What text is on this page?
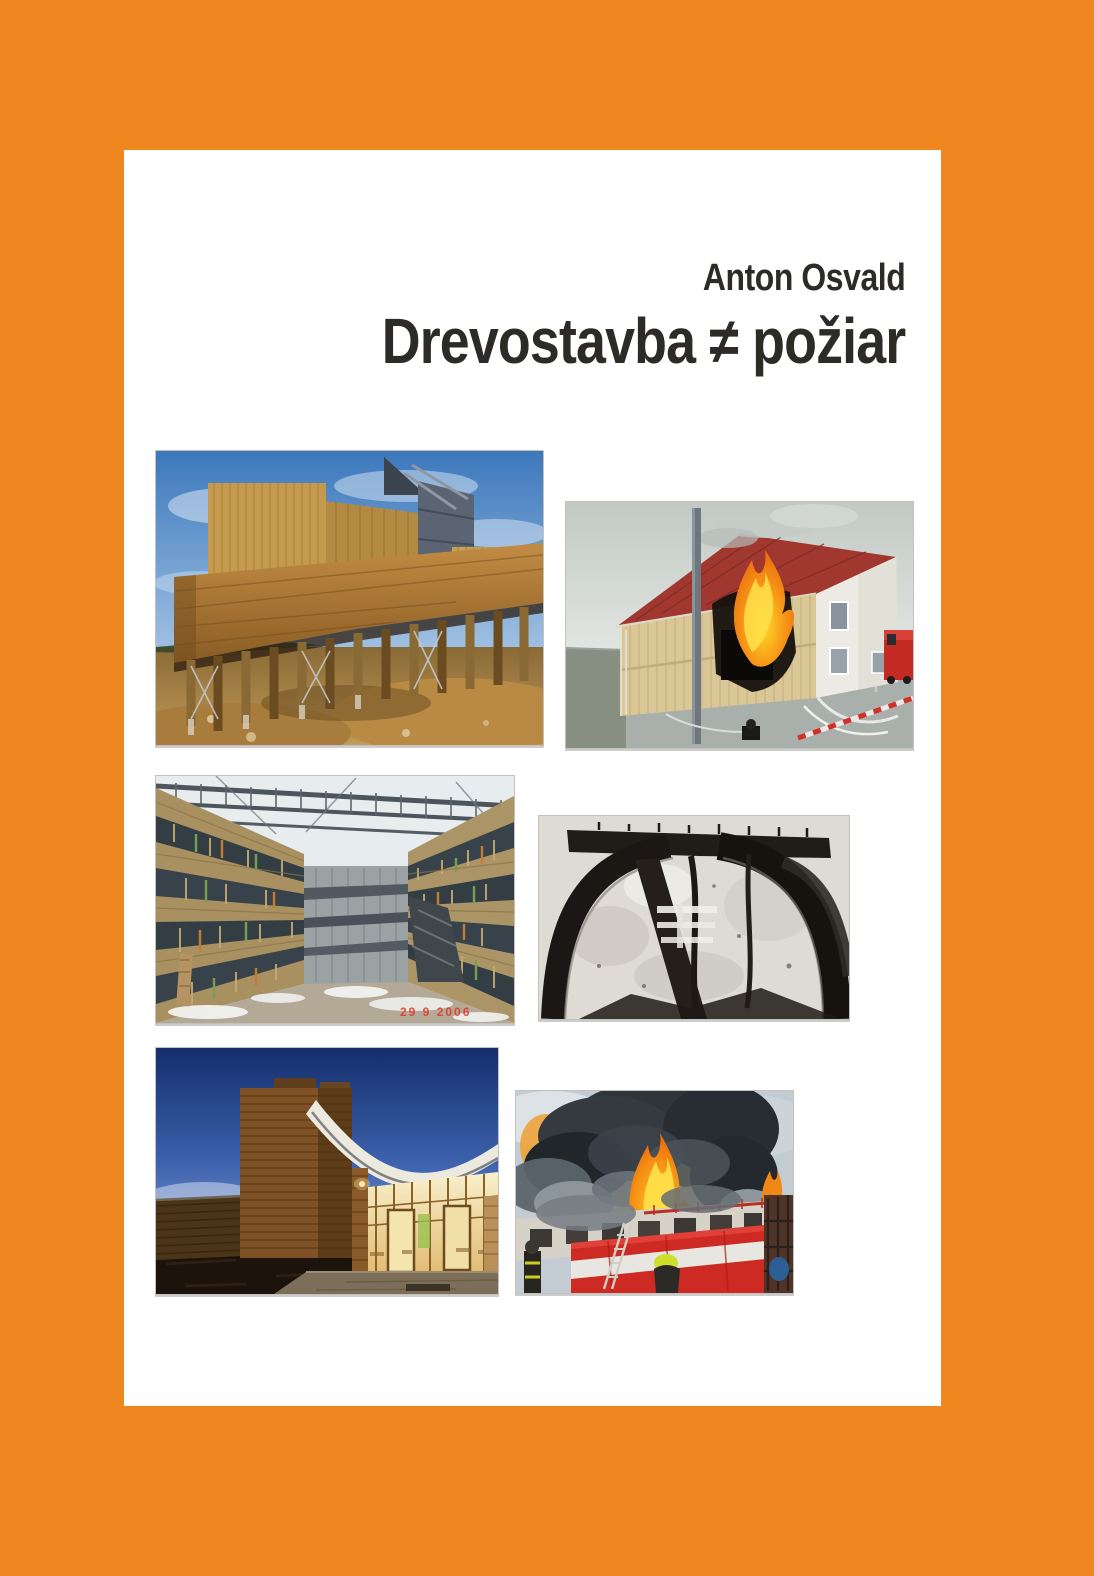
Anton Osvald
Drevostavba ≠ požiar
29 9 2006
